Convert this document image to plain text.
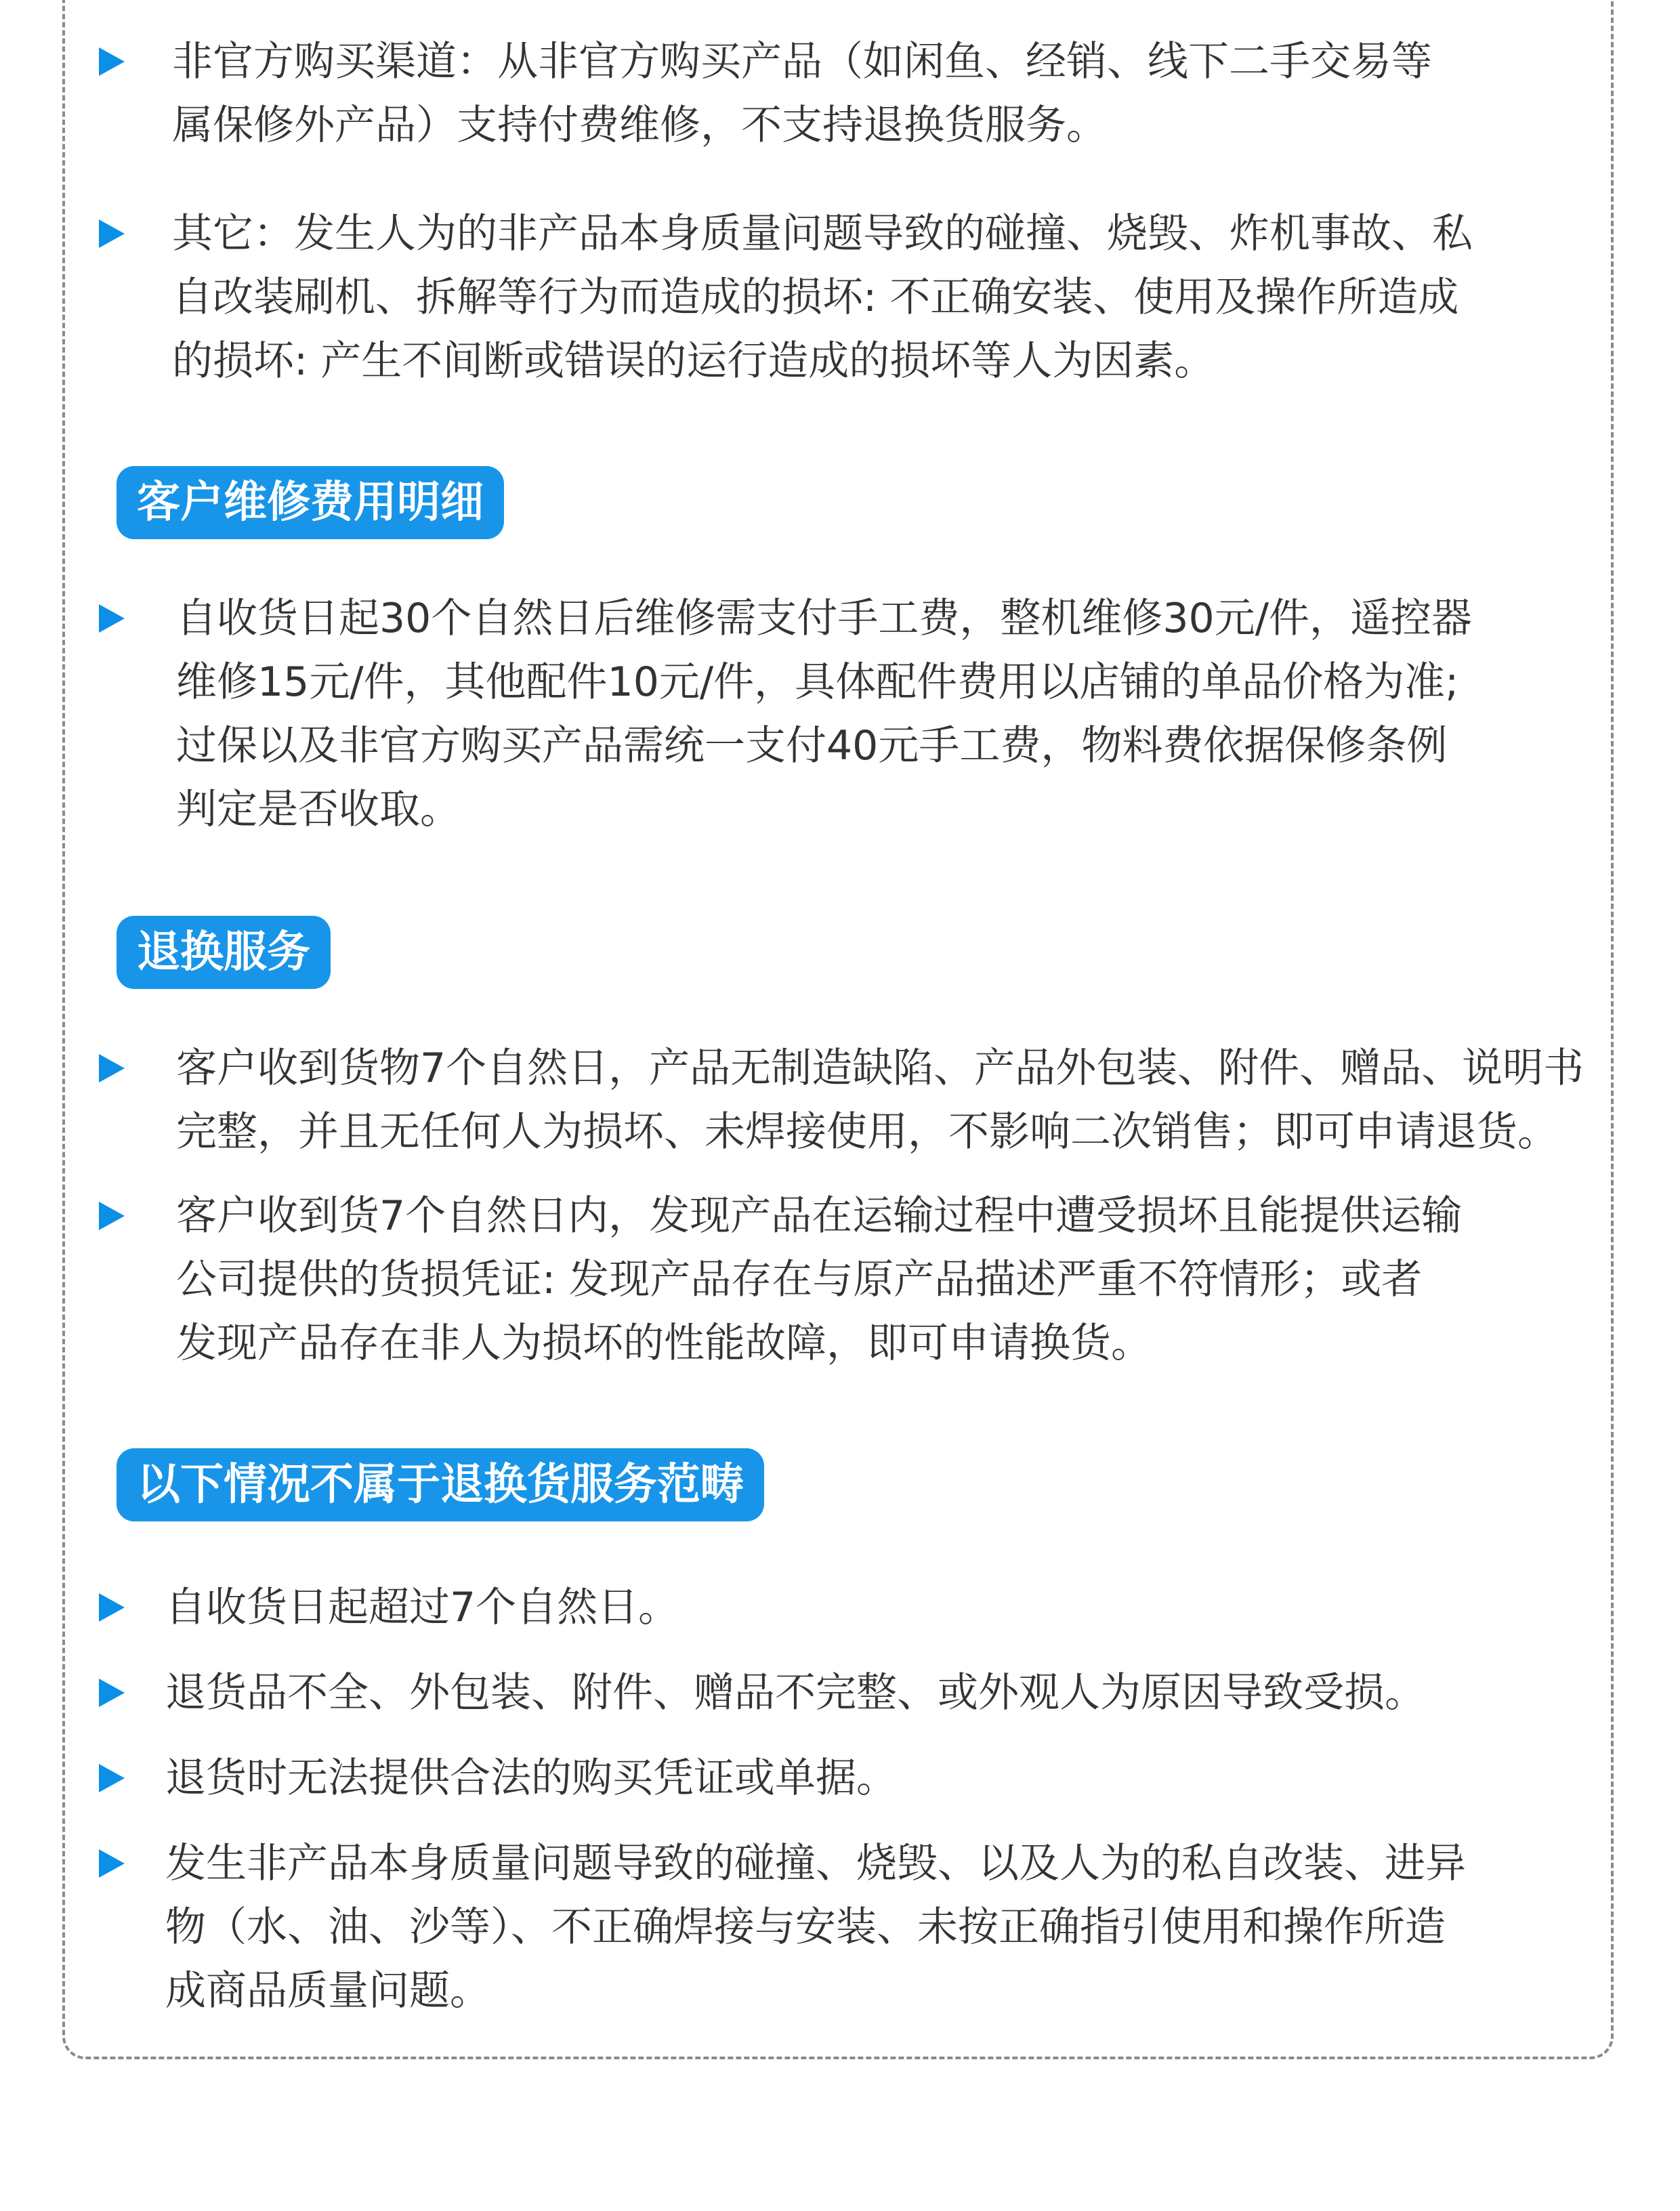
非官方购买渠道：从非官方购买产品（如闲鱼、经销、线下二手交易等
属保修外产品）支持付费维修，不支持退换货服务。
其它：发生人为的非产品本身质量问题导致的碰撞、烧毁、炸机事故、私
自改装刷机、拆解等行为而造成的损坏: 不正确安装、使用及操作所造成
的损坏: 产生不间断或错误的运行造成的损坏等人为因素。
客户维修费用明细
自收货日起30个自然日后维修需支付手工费，整机维修30元/件，遥控器
维修15元/件，其他配件10元/件，具体配件费用以店铺的单品价格为准;
过保以及非官方购买产品需统一支付40元手工费，物料费依据保修条例
判定是否收取。
退换服务
客户收到货物7个自然日，产品无制造缺陷、产品外包装、附件、赠品、说明书
完整，并且无任何人为损坏、未焊接使用，不影响二次销售；即可申请退货。
客户收到货7个自然日内，发现产品在运输过程中遭受损坏且能提供运输
公司提供的货损凭证: 发现产品存在与原产品描述严重不符情形；或者
发现产品存在非人为损坏的性能故障，即可申请换货。
以下情况不属于退换货服务范畴
自收货日起超过7个自然日。
退货品不全、外包装、附件、赠品不完整、或外观人为原因导致受损。
退货时无法提供合法的购买凭证或单据。
发生非产品本身质量问题导致的碰撞、烧毁、以及人为的私自改装、进异
物（水、油、沙等）、不正确焊接与安装、未按正确指引使用和操作所造
成商品质量问题。
